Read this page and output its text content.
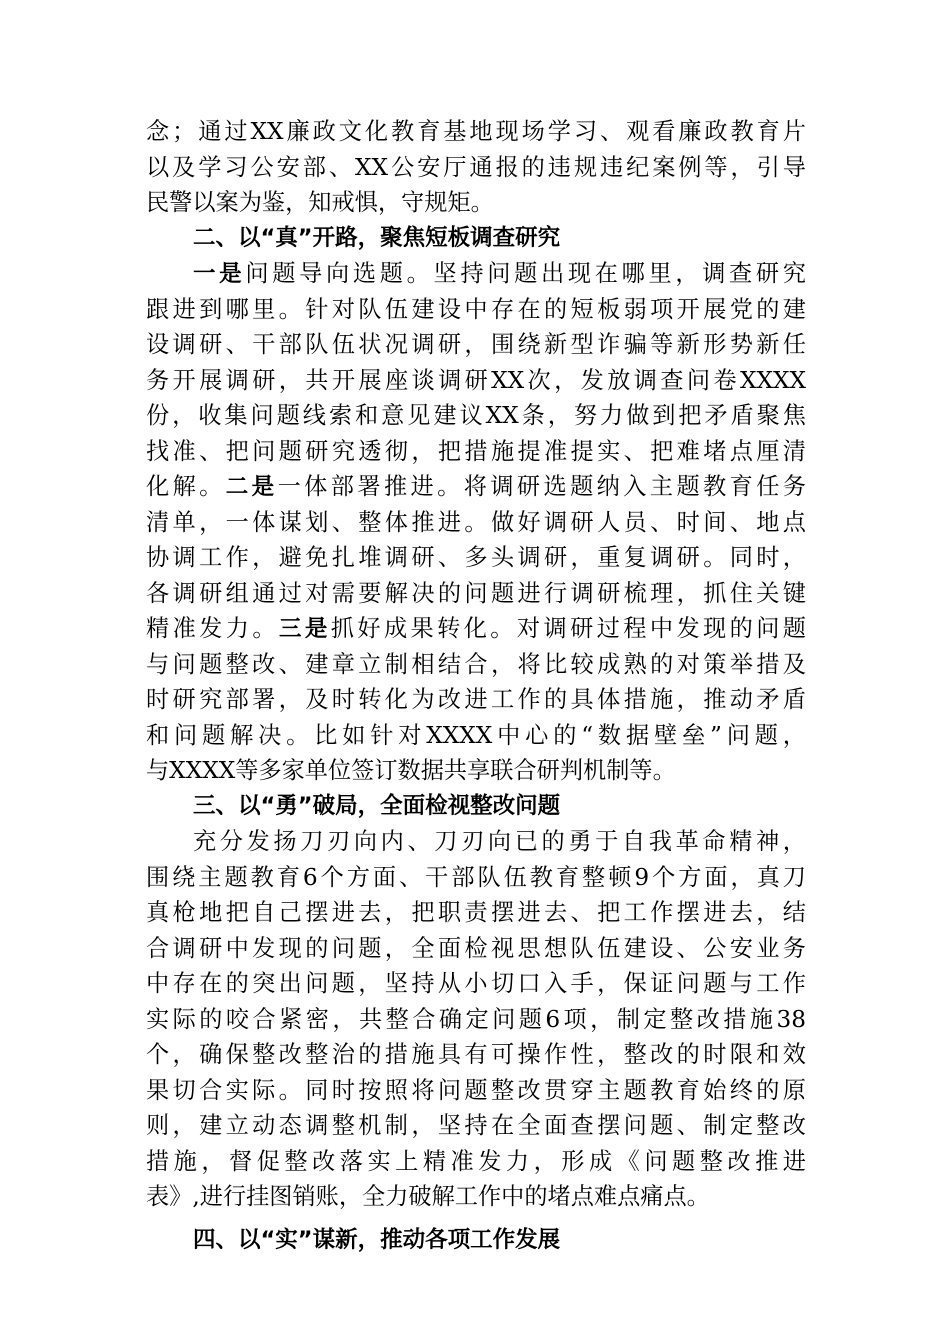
念；通过XX廉政文化教育基地现场学习、观看廉政教育片
以及学习公安部、XX公安厅通报的违规违纪案例等，引导
民警以案为鉴，知戒惧，守规矩。
二、以“真”开路，聚焦短板调查研究
一是问题导向选题。坚持问题出现在哪里，调查研究
跟进到哪里。针对队伍建设中存在的短板弱项开展党的建
设调研、干部队伍状况调研，围绕新型诈骗等新形势新任
务开展调研，共开展座谈调研XX次，发放调查问卷XXXX
份，收集问题线索和意见建议XX条，努力做到把矛盾聚焦
找准、把问题研究透彻，把措施提准提实、把难堵点厘清
化解。二是一体部署推进。将调研选题纳入主题教育任务
清单，一体谋划、整体推进。做好调研人员、时间、地点
协调工作，避免扎堆调研、多头调研，重复调研。同时，
各调研组通过对需要解决的问题进行调研梳理，抓住关键
精准发力。三是抓好成果转化。对调研过程中发现的问题
与问题整改、建章立制相结合，将比较成熟的对策举措及
时研究部署，及时转化为改进工作的具体措施，推动矛盾
和问题解决。比如针对XXXX中心的“数据壁垒”问题，
与XXXX等多家单位签订数据共享联合研判机制等。
三、以“勇”破局，全面检视整改问题
充分发扬刀刃向内、刀刃向已的勇于自我革命精神，
围绕主题教育6个方面、干部队伍教育整顿9个方面，真刀
真枪地把自己摆进去，把职责摆进去、把工作摆进去，结
合调研中发现的问题，全面检视思想队伍建设、公安业务
中存在的突出问题，坚持从小切口入手，保证问题与工作
实际的咬合紧密，共整合确定问题6项，制定整改措施38
个，确保整改整治的措施具有可操作性，整改的时限和效
果切合实际。同时按照将问题整改贯穿主题教育始终的原
则，建立动态调整机制，坚持在全面查摆问题、制定整改
措施，督促整改落实上精准发力，形成《问题整改推进
表》,进行挂图销账，全力破解工作中的堵点难点痛点。
四、以“实”谋新，推动各项工作发展
